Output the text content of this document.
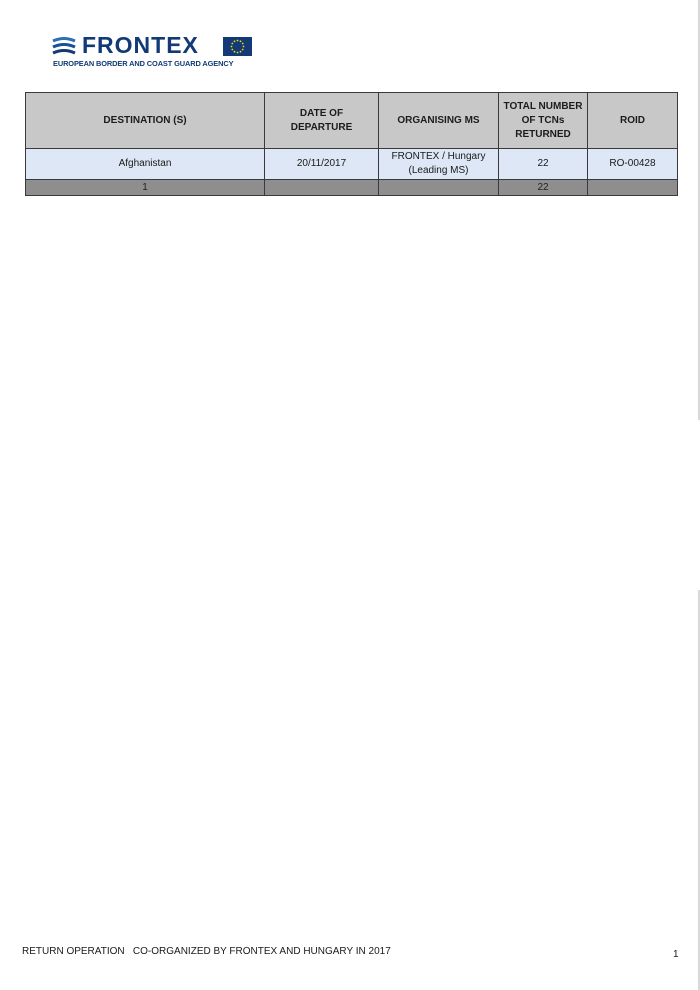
FRONTEX
EUROPEAN BORDER AND COAST GUARD AGENCY
DESTINATION (S)	DATE OF DEPARTURE	ORGANISING MS	TOTAL NUMBER OF TCNs RETURNED	ROID
Afghanistan	20/11/2017	FRONTEX / Hungary (Leading MS)	22	RO-00428
1			22	
RETURN OPERATION   CO-ORGANIZED BY FRONTEX AND HUNGARY IN 2017	1
